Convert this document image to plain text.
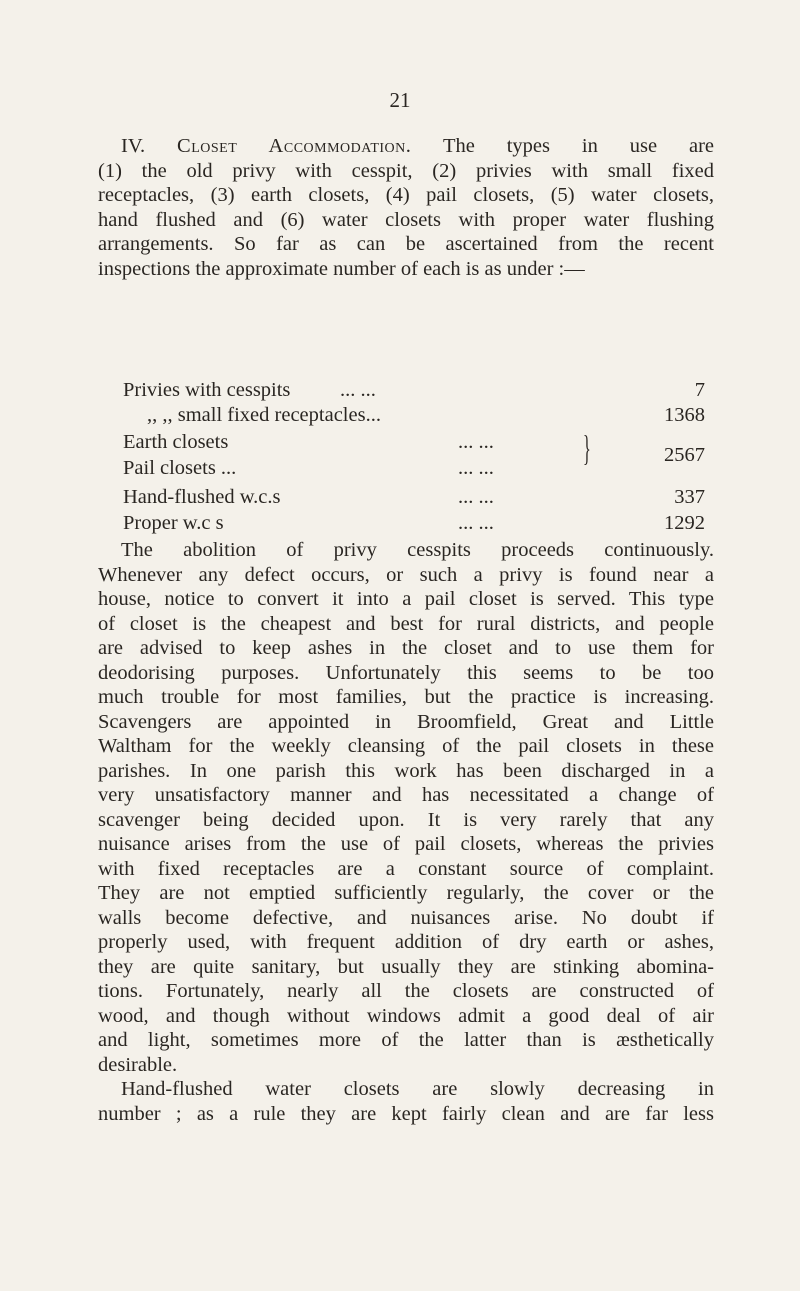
21
IV. Closet Accommodation. The types in use are
(1) the old privy with cesspit, (2) privies with small fixed
receptacles, (3) earth closets, (4) pail closets, (5) water closets,
hand flushed and (6) water closets with proper water flushing
arrangements. So far as can be ascertained from the recent
inspections the approximate number of each is as under :—
Privies with cesspits ... ...	7
,, ,, small fixed receptacles...	1368
Earth closets	... ...
Pail closets ...	... ... }	2567
Hand-flushed w.c.s	... ...	337
Proper w.c s	... ...	1292
The abolition of privy cesspits proceeds continuously.
Whenever any defect occurs, or such a privy is found near a
house, notice to convert it into a pail closet is served. This type
of closet is the cheapest and best for rural districts, and people
are advised to keep ashes in the closet and to use them for
deodorising purposes. Unfortunately this seems to be too
much trouble for most families, but the practice is increasing.
Scavengers are appointed in Broomfield, Great and Little
Waltham for the weekly cleansing of the pail closets in these
parishes. In one parish this work has been discharged in a
very unsatisfactory manner and has necessitated a change of
scavenger being decided upon. It is very rarely that any
nuisance arises from the use of pail closets, whereas the privies
with fixed receptacles are a constant source of complaint.
They are not emptied sufficiently regularly, the cover or the
walls become defective, and nuisances arise. No doubt if
properly used, with frequent addition of dry earth or ashes,
they are quite sanitary, but usually they are stinking abomina-
tions. Fortunately, nearly all the closets are constructed of
wood, and though without windows admit a good deal of air
and light, sometimes more of the latter than is æsthetically
desirable.
Hand-flushed water closets are slowly decreasing in
number ; as a rule they are kept fairly clean and are far less
